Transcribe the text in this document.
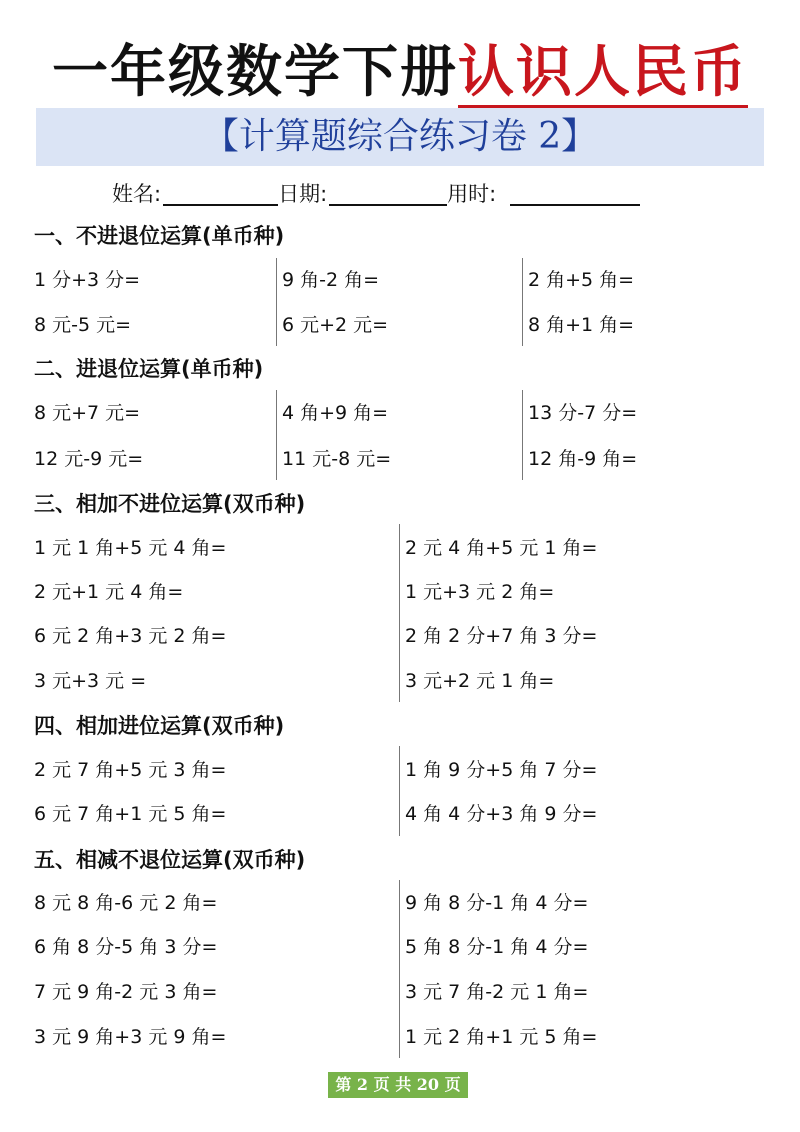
一年级数学下册认识人民币
【计算题综合练习卷 2】
姓名:	日期:	用时:
一、不进退位运算(单币种)
1 分+3 分=
8 元-5 元=
9 角-2 角=
6 元+2 元=
2 角+5 角=
8 角+1 角=
二、进退位运算(单币种)
8 元+7 元=
12 元-9 元=
4 角+9 角=
11 元-8 元=
13 分-7 分=
12 角-9 角=
三、相加不进位运算(双币种)
1 元 1 角+5 元 4 角=
2 元+1 元 4 角=
6 元 2 角+3 元 2 角=
3 元+3 元 =
2 元 4 角+5 元 1 角=
1 元+3 元 2 角=
2 角 2 分+7 角 3 分=
3 元+2 元 1 角=
四、相加进位运算(双币种)
2 元 7 角+5 元 3 角=
6 元 7 角+1 元 5 角=
1 角 9 分+5 角 7 分=
4 角 4 分+3 角 9 分=
五、相减不退位运算(双币种)
8 元 8 角-6 元 2 角=
6 角 8 分-5 角 3 分=
7 元 9 角-2 元 3 角=
3 元 9 角+3 元 9 角=
9 角 8 分-1 角 4 分=
5 角 8 分-1 角 4 分=
3 元 7 角-2 元 1 角=
1 元 2 角+1 元 5 角=
第 2 页 共 20 页
